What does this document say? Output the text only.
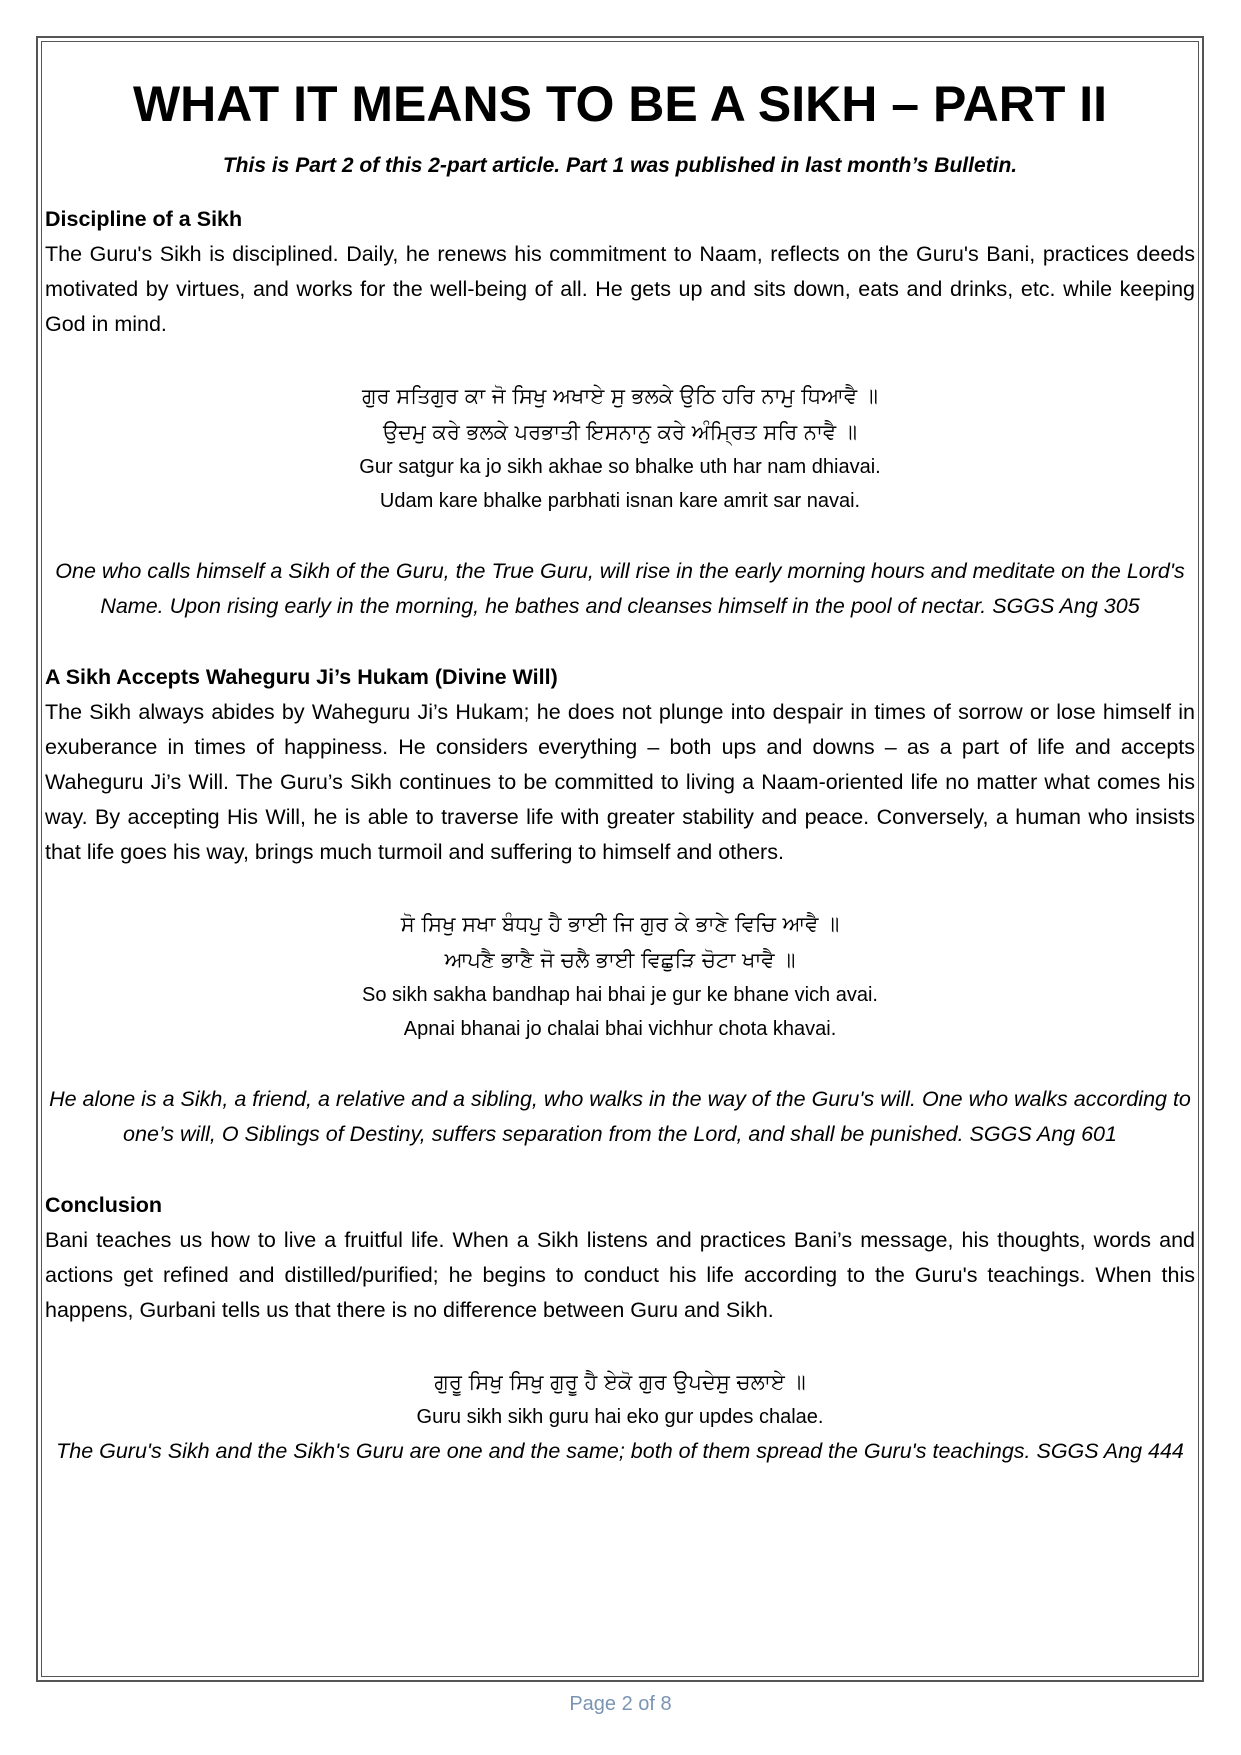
WHAT IT MEANS TO BE A SIKH – PART II
This is Part 2 of this 2-part article. Part 1 was published in last month’s Bulletin.

Discipline of a Sikh

The Guru's Sikh is disciplined. Daily, he renews his commitment to Naam, reflects on the Guru's Bani, practices deeds motivated by virtues, and works for the well-being of all. He gets up and sits down, eats and drinks, etc. while keeping God in mind.

ਗੁਰ ਸਤਿਗੁਰ ਕਾ ਜੋ ਸਿਖੁ ਅਖਾਏ ਸੁ ਭਲਕੇ ਉਠਿ ਹਰਿ ਨਾਮੁ ਧਿਆਵੈ ॥
ਉਦਮੁ ਕਰੇ ਭਲਕੇ ਪਰਭਾਤੀ ਇਸਨਾਨੁ ਕਰੇ ਅੰਮ੍ਰਿਤ ਸਰਿ ਨਾਵੈ ॥
Gur satgur ka jo sikh akhae so bhalke uth har nam dhiavai.
Udam kare bhalke parbhati isnan kare amrit sar navai.

One who calls himself a Sikh of the Guru, the True Guru, will rise in the early morning hours and meditate on the Lord's Name. Upon rising early in the morning, he bathes and cleanses himself in the pool of nectar. SGGS Ang 305

A Sikh Accepts Waheguru Ji’s Hukam (Divine Will)

The Sikh always abides by Waheguru Ji’s Hukam; he does not plunge into despair in times of sorrow or lose himself in exuberance in times of happiness. He considers everything – both ups and downs – as a part of life and accepts Waheguru Ji’s Will. The Guru’s Sikh continues to be committed to living a Naam-oriented life no matter what comes his way. By accepting His Will, he is able to traverse life with greater stability and peace. Conversely, a human who insists that life goes his way, brings much turmoil and suffering to himself and others.

ਸੋ ਸਿਖੁ ਸਖਾ ਬੰਧਪੁ ਹੈ ਭਾਈ ਜਿ ਗੁਰ ਕੇ ਭਾਣੇ ਵਿਚਿ ਆਵੈ ॥
ਆਪਣੈ ਭਾਣੈ ਜੋ ਚਲੈ ਭਾਈ ਵਿਛੁੜਿ ਚੋਟਾ ਖਾਵੈ ॥
So sikh sakha bandhap hai bhai je gur ke bhane vich avai.
Apnai bhanai jo chalai bhai vichhur chota khavai.

He alone is a Sikh, a friend, a relative and a sibling, who walks in the way of the Guru's will. One who walks according to one’s will, O Siblings of Destiny, suffers separation from the Lord, and shall be punished. SGGS Ang 601

Conclusion

Bani teaches us how to live a fruitful life. When a Sikh listens and practices Bani’s message, his thoughts, words and actions get refined and distilled/purified; he begins to conduct his life according to the Guru's teachings. When this happens, Gurbani tells us that there is no difference between Guru and Sikh.

ਗੁਰੂ ਸਿਖੁ ਸਿਖੁ ਗੁਰੂ ਹੈ ਏਕੋ ਗੁਰ ਉਪਦੇਸੁ ਚਲਾਏ ॥
Guru sikh sikh guru hai eko gur updes chalae.

The Guru's Sikh and the Sikh's Guru are one and the same; both of them spread the Guru's teachings. SGGS Ang 444

Page 2 of 8
